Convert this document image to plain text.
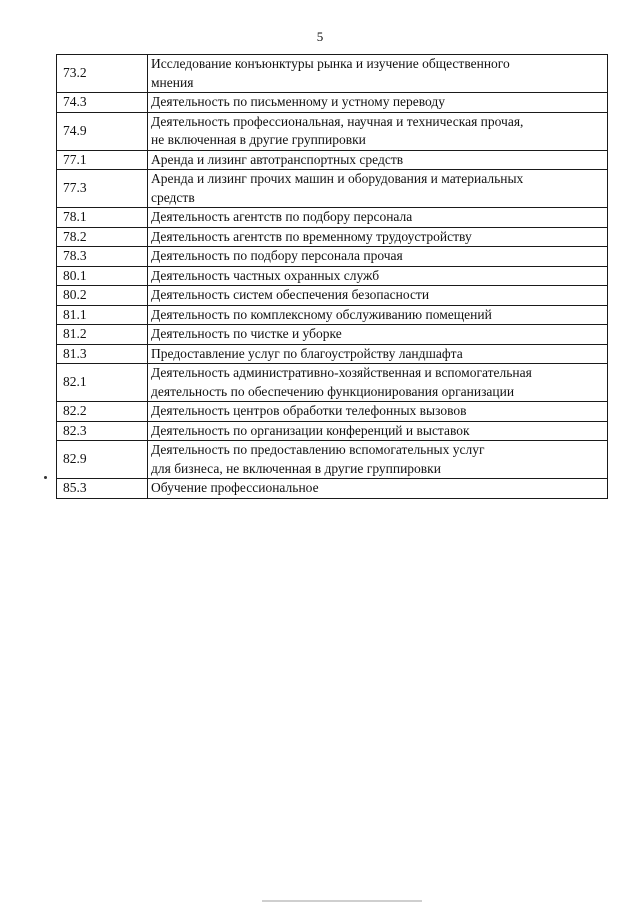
5
73.2	Исследование конъюнктуры рынка и изучение общественного
мнения

74.3	Деятельность по письменному и устному переводу

74.9	Деятельность профессиональная, научная и техническая прочая,
не включенная в другие группировки

77.1	Аренда и лизинг автотранспортных средств

77.3	Аренда и лизинг прочих машин и оборудования и материальных
средств

78.1	Деятельность агентств по подбору персонала

78.2	Деятельность агентств по временному трудоустройству

78.3	Деятельность по подбору персонала прочая

80.1	Деятельность частных охранных служб

80.2	Деятельность систем обеспечения безопасности

81.1	Деятельность по комплексному обслуживанию помещений

81.2	Деятельность по чистке и уборке

81.3	Предоставление услуг по благоустройству ландшафта

82.1	Деятельность административно-хозяйственная и вспомогательная
деятельность по обеспечению функционирования организации

82.2	Деятельность центров обработки телефонных вызовов

82.3	Деятельность по организации конференций и выставок

82.9	Деятельность по предоставлению вспомогательных услуг
для бизнеса, не включенная в другие группировки

85.3	Обучение профессиональное
